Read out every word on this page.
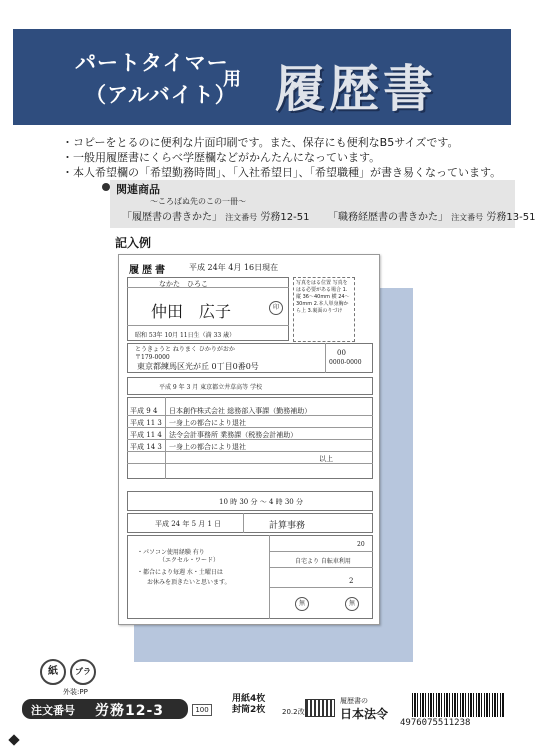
パートタイマー
（アルバイト）
用 履歴書
・コピーをとるのに便利な片面印刷です。また、保存にも便利なB5サイズです。
・一般用履歴書にくらべ学歴欄などがかんたんになっています。
・本人希望欄の「希望勤務時間」、「入社希望日」、「希望職種」が書き易くなっています。
関連商品
〜ころばぬ先のこの一冊〜
「履歴書の書きかた」 注文番号 労務12-51 「職務経歴書の書きかた」 注文番号 労務13-51
記入例
履歴書	平成 24年 4月 16日現在
写真をはる位置 写真をはる必要がある場合 1.縦 36〜40mm 横 24〜30mm 2.本人単身胸から上 3.裏面のりづけ
なかた　ひろこ
仲田　広子	印
昭和 53年 10月 11日生（満 33 歳）
とうきょうと ねりまく ひかりがおか
〒179-0000
東京都練馬区光が丘 0丁目0番0号
00
0000-0000
平成 9 年 3 月 東京都立井草高等 学校
平成 9 4 日本創作株式会社 総務部入事課（勤務補助）
平成 11 3 一身上の都合により退社
平成 11 4 法令会計事務所 業務課（税務会計補助）
平成 14 3 一身上の都合により退社
以上
10 時 30 分 〜 4 時 30 分
平成 24 年 5 月 1 日	計算事務
・パソコン使用経験 有り
（エクセル・ワード）
・都合により毎週 水・土曜日は
お休みを頂きたいと思います。
20
自宅より 自転車利用
2
無	無
紙	プラ
外装:PP
注文番号 労務12-3	100
用紙4枚
封筒2枚 20.2改
履歴書の
日本法令
4976075511238
